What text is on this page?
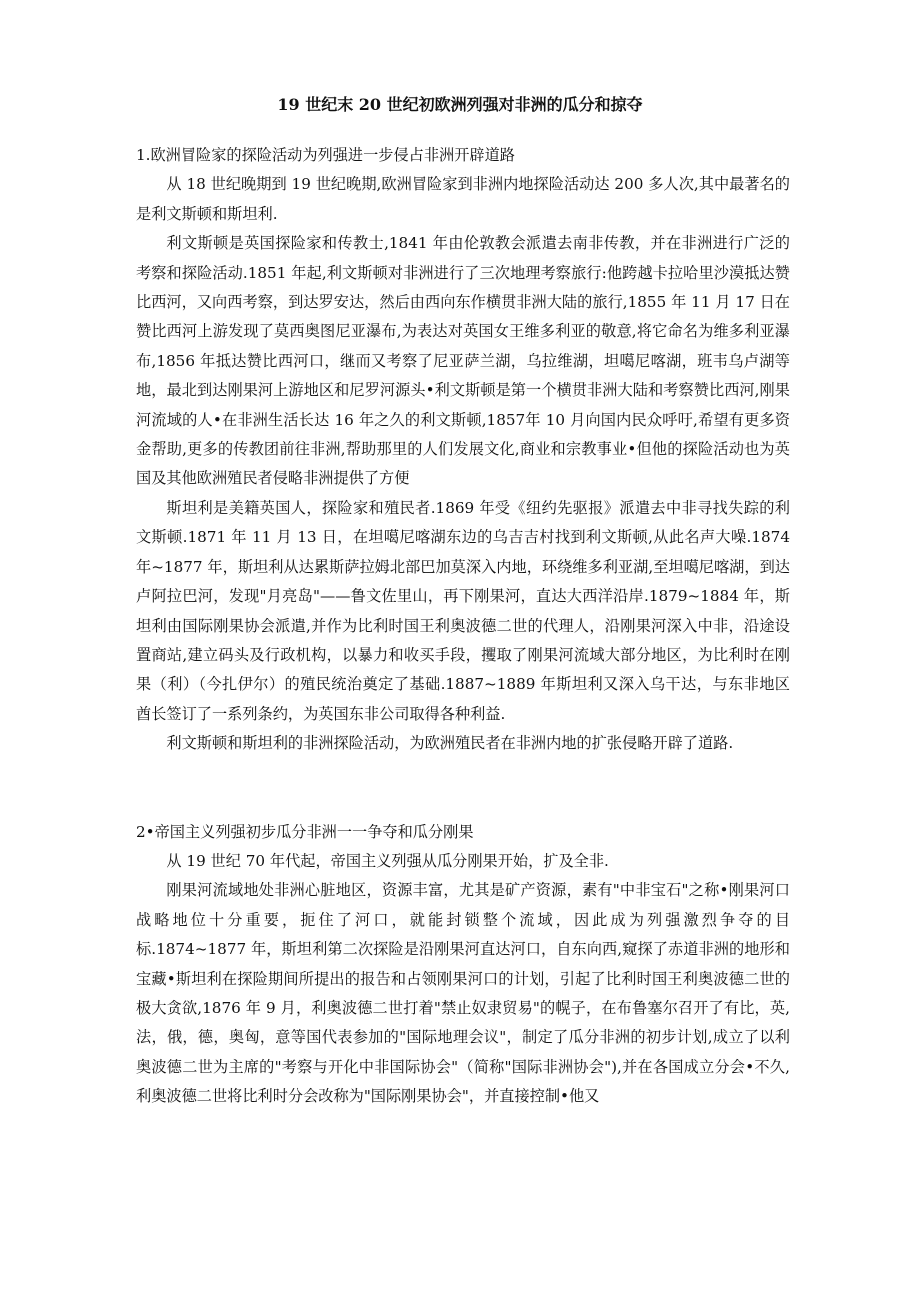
19 世纪末 20 世纪初欧洲列强对非洲的瓜分和掠夺

1.欧洲冒险家的探险活动为列强进一步侵占非洲开辟道路

从 18 世纪晚期到 19 世纪晚期,欧洲冒险家到非洲内地探险活动达 200 多人次,其中最著名的是利文斯顿和斯坦利.

利文斯顿是英国探险家和传教士,1841 年由伦敦教会派遣去南非传教，并在非洲进行广泛的考察和探险活动.1851 年起,利文斯顿对非洲进行了三次地理考察旅行:他跨越卡拉哈里沙漠抵达赞比西河，又向西考察，到达罗安达，然后由西向东作横贯非洲大陆的旅行,1855 年 11 月 17 日在赞比西河上游发现了莫西奥图尼亚瀑布,为表达对英国女王维多利亚的敬意,将它命名为维多利亚瀑布,1856 年抵达赞比西河口，继而又考察了尼亚萨兰湖，乌拉维湖，坦噶尼喀湖，班韦乌卢湖等地，最北到达刚果河上游地区和尼罗河源头•利文斯顿是第一个横贯非洲大陆和考察赞比西河,刚果河流域的人•在非洲生活长达 16 年之久的利文斯顿,1857年 10 月向国内民众呼吁,希望有更多资金帮助,更多的传教团前往非洲,帮助那里的人们发展文化,商业和宗教事业•但他的探险活动也为英国及其他欧洲殖民者侵略非洲提供了方便

斯坦利是美籍英国人，探险家和殖民者.1869 年受《纽约先驱报》派遣去中非寻找失踪的利文斯顿.1871 年 11 月 13 日，在坦噶尼喀湖东边的乌吉吉村找到利文斯顿,从此名声大噪.1874 年~1877 年，斯坦利从达累斯萨拉姆北部巴加莫深入内地，环绕维多利亚湖,至坦噶尼喀湖，到达卢阿拉巴河，发现"月亮岛"——鲁文佐里山，再下刚果河，直达大西洋沿岸.1879~1884 年，斯坦利由国际刚果协会派遣,并作为比利时国王利奥波德二世的代理人，沿刚果河深入中非，沿途设置商站,建立码头及行政机构，以暴力和收买手段，攫取了刚果河流域大部分地区，为比利时在刚果（利）（今扎伊尔）的殖民统治奠定了基础.1887~1889 年斯坦利又深入乌干达，与东非地区酋长签订了一系列条约，为英国东非公司取得各种利益.

利文斯顿和斯坦利的非洲探险活动，为欧洲殖民者在非洲内地的扩张侵略开辟了道路.

2•帝国主义列强初步瓜分非洲一一争夺和瓜分刚果

从 19 世纪 70 年代起，帝国主义列强从瓜分刚果开始，扩及全非.

刚果河流域地处非洲心脏地区，资源丰富，尤其是矿产资源，素有"中非宝石"之称•刚果河口战略地位十分重要，扼住了河口，就能封锁整个流域，因此成为列强激烈争夺的目标.1874~1877 年，斯坦利第二次探险是沿刚果河直达河口，自东向西,窥探了赤道非洲的地形和宝藏•斯坦利在探险期间所提出的报告和占领刚果河口的计划，引起了比利时国王利奥波德二世的极大贪欲,1876 年 9 月，利奥波德二世打着"禁止奴隶贸易"的幌子，在布鲁塞尔召开了有比，英,法，俄，德，奥匈，意等国代表参加的"国际地理会议"，制定了瓜分非洲的初步计划,成立了以利奥波德二世为主席的"考察与开化中非国际协会"（简称"国际非洲协会"),并在各国成立分会•不久,利奥波德二世将比利时分会改称为"国际刚果协会"，并直接控制•他又
